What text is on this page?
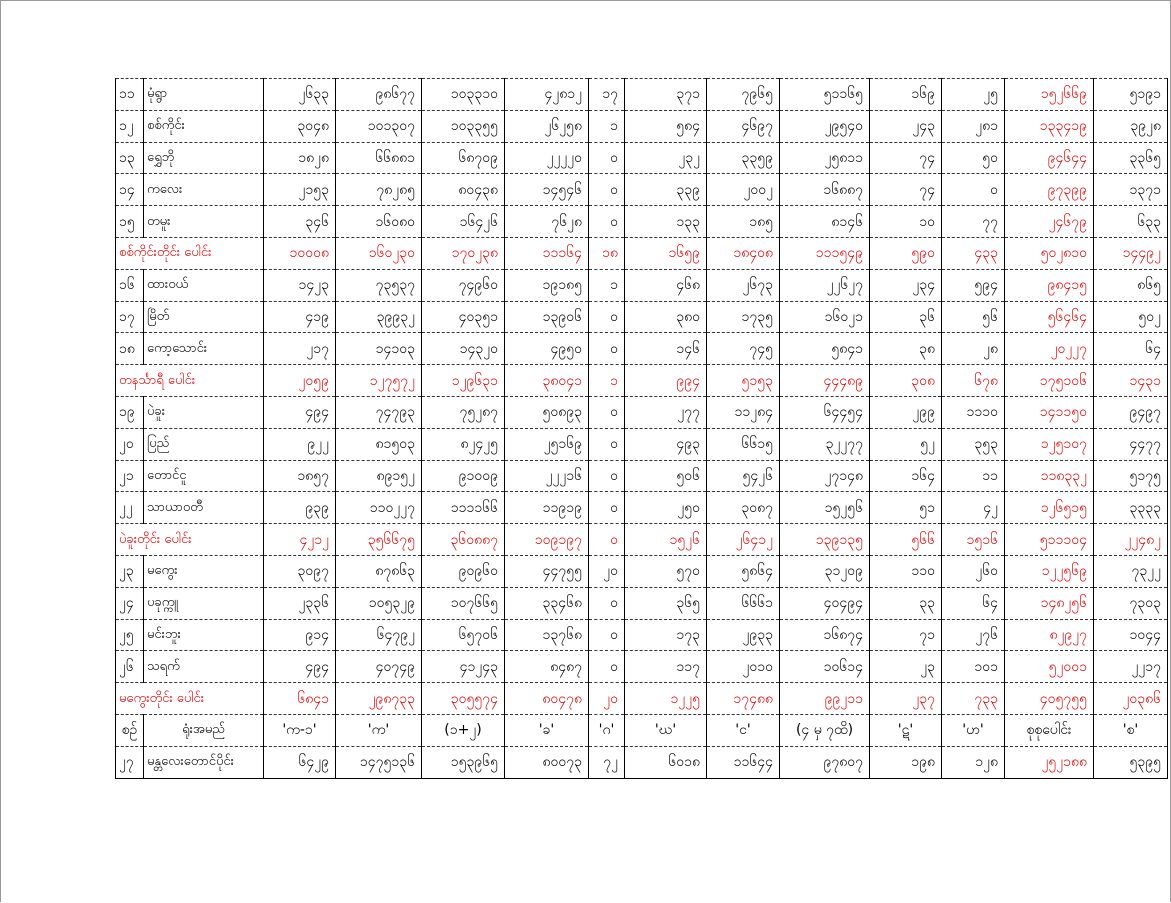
၁၁	မုံရွာ	၂၆၃၃	၉၈၆၇၇	၁၀၃၃၁၀	၄၂၈၁၂	၁၇	၃၇၁	၇၉၆၅	၅၁၁၆၅	၁၆၉	၂၅	၁၅၂၆၆၉	၅၁၉၁
၁၂	စစ်ကိုင်း	၃၀၄၈	၁၀၁၃၀၇	၁၀၃၃၅၅	၂၆၂၅၈	၁	၅၈၄	၄၆၉၇	၂၉၅၄၀	၂၄၃	၂၈၁	၁၃၃၄၁၉	၃၉၂၈
၁၃	ရွှေဘို	၁၈၂၈	၆၆၈၈၁	၆၈၇၀၉	၂၂၂၂၀	၀	၂၃၂	၃၃၅၉	၂၅၈၁၁	၇၄	၅၀	၉၄၆၄၄	၃၃၆၅
၁၄	ကလေး	၂၁၅၃	၇၈၂၈၅	၈၀၄၃၈	၁၄၅၄၆	၀	၃၃၉	၂၀၀၂	၁၆၈၈၇	၇၄	၀	၉၇၃၉၉	၁၃၇၁
၁၅	တမူး	၃၄၆	၁၆၀၈၀	၁၆၄၂၆	၇၆၂၈	၀	၁၃၃	၁၈၅	၈၁၄၆	၁၀	၇၇	၂၄၆၇၉	၆၃၃
စစ်ကိုင်းတိုင်း ပေါင်း		၁၀၀၀၈	၁၆၀၂၃၀	၁၇၀၂၃၈	၁၁၁၆၄	၁၈	၁၆၅၉	၁၈၄၀၈	၁၁၁၅၄၉	၅၉၀	၄၃၃	၅၀၂၈၁၀	၁၄၄၉၂
၁၆	ထားဝယ်	၁၄၂၃	၇၃၅၃၇	၇၄၉၆၀	၁၉၁၈၅	၁	၄၆၈	၂၆၇၃	၂၂၆၂၇	၂၃၄	၅၉၄	၉၈၄၁၅	၈၆၅
၁၇	မြိတ်	၄၁၉	၃၉၉၃၂	၄၀၃၅၁	၁၃၉၀၆	၀	၃၈၀	၁၇၃၅	၁၆၀၂၁	၃၆	၅၆	၅၆၄၆၄	၅၀၂
၁၈	ကော့သောင်း	၂၁၇	၁၄၁၀၃	၁၄၃၂၀	၄၉၅၀	၀	၁၄၆	၇၄၅	၅၈၄၁	၃၈	၂၈	၂၀၂၂၇	၆၄
တနင်္သာရီ ပေါင်း		၂၀၅၉	၁၂၇၅၇၂	၁၂၉၆၃၁	၃၈၀၄၁	၁	၉၉၄	၅၁၅၃	၄၄၄၈၉	၃၀၈	၆၇၈	၁၇၅၁၀၆	၁၄၃၁
၁၉	ပဲခူး	၄၉၄	၇၄၇၉၃	၇၅၂၈၇	၅၀၈၉၃	၀	၂၇၇	၁၁၂၈၄	၆၄၄၅၄	၂၉၉	၁၁၁၀	၁၄၁၁၅၀	၉၄၉၇
၂၀	ပြည်	၉၂၂	၈၁၅၀၃	၈၂၄၂၅	၂၅၁၆၉	၀	၄၉၃	၆၆၁၅	၃၂၂၇၇	၅၂	၃၅၃	၁၂၅၁၀၇	၄၄၇၇
၂၁	တောင်ငူ	၁၈၅၇	၈၉၁၅၂	၉၁၀၀၉	၂၂၂၁၆	၀	၅၀၆	၅၄၂၆	၂၇၁၄၈	၁၆၄	၁၁	၁၁၈၃၃၂	၅၁၇၅
၂၂	သာယာဝတီ	၉၃၉	၁၁၀၂၂၇	၁၁၁၁၆၆	၁၁၉၁၉	၀	၂၅၀	၃၀၈၇	၁၅၂၅၆	၅၁	၄၂	၁၂၆၅၁၅	၃၃၃၃
ပဲခူးတိုင်း ပေါင်း		၄၂၁၂	၃၅၆၆၇၅	၃၆၀၈၈၇	၁၀၉၁၉၇	၀	၁၅၂၆	၂၆၄၁၂	၁၃၉၁၃၅	၅၆၆	၁၅၁၆	၅၁၁၁၀၄	၂၂၄၈၂
၂၃	မကွေး	၃၀၉၇	၈၇၈၆၃	၉၀၉၆၀	၄၄၇၅၅	၂၀	၅၇၀	၅၈၆၄	၃၁၂၀၉	၁၁၀	၂၆၀	၁၂၂၅၆၉	၇၃၂၂
၂၄	ပခုက္ကူ	၂၃၃၆	၁၀၅၃၂၉	၁၀၇၆၆၅	၃၃၄၆၈	၀	၃၆၅	၆၆၆၁	၄၀၄၉၄	၃၃	၆၄	၁၄၈၂၅၆	၇၃၀၃
၂၅	မင်းဘူး	၉၁၄	၆၄၇၉၂	၆၅၇၀၆	၁၃၇၆၈	၀	၁၇၃	၂၉၃၃	၁၆၈၇၄	၇၁	၂၇၆	၈၂၉၂၇	၁၀၄၄
၂၆	သရက်	၄၉၄	၄၀၇၄၉	၄၁၂၄၃	၈၄၈၇	၀	၁၁၇	၂၀၁၀	၁၀၆၁၄	၂၃	၁၀၁	၅၂၀၀၁	၂၂၁၇
မကွေးတိုင်း ပေါင်း		၆၈၄၁	၂၉၈၇၃၃	၃၀၅၅၇၄	၈၀၄၇၈	၂၀	၁၂၂၅	၁၇၄၈၈	၉၉၂၁၁	၂၃၇	၇၃၃	၄၀၅၇၅၅	၂၀၃၈၆
စဉ်	ရုံးအမည်	'က-၁'	'က'	(၁+၂)	'ခ'	'ဂ'	'ဃ'	'င'	(၄ မှ ၇ထိ)	'ဋ'	'ဟ'	စုစုပေါင်း	'စ'
၂၇	မန္တလေးတောင်ပိုင်း	၆၄၂၉	၁၄၇၅၁၃၆	၁၅၃၉၆၅	၈၀၀၇၃	၇၂	၆၀၁၈	၁၁၆၄၄	၉၇၈၀၇	၁၉၈	၁၂၈	၂၅၂၁၈၈	၅၃၉၅
